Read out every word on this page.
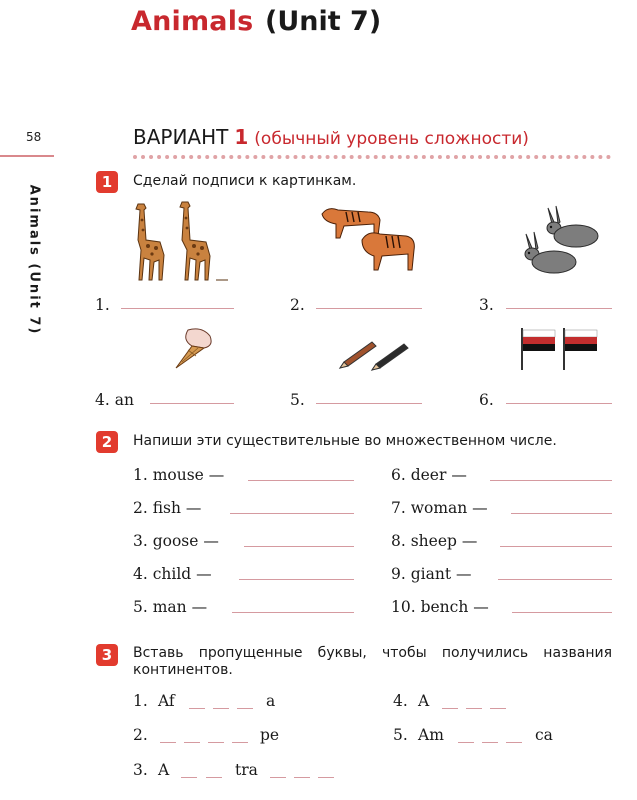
Animals (Unit 7)
58
Animals (Unit 7)
ВАРИАНТ 1 (обычный уровень сложности)
1	Сделай подписи к картинкам.
1.	2.	3.
4. an	5.	6.
2	Напиши эти существительные во множественном числе.
1. mouse —
2. fish —
3. goose —
4. child —
5. man —
6. deer —
7. woman —
8. sheep —
9. giant —
10. bench —
3	Вставь пропущенные буквы, чтобы получились названия
континентов.
1. Af	a
2.	pe
3. A	tra
4. A
5. Am	ca
